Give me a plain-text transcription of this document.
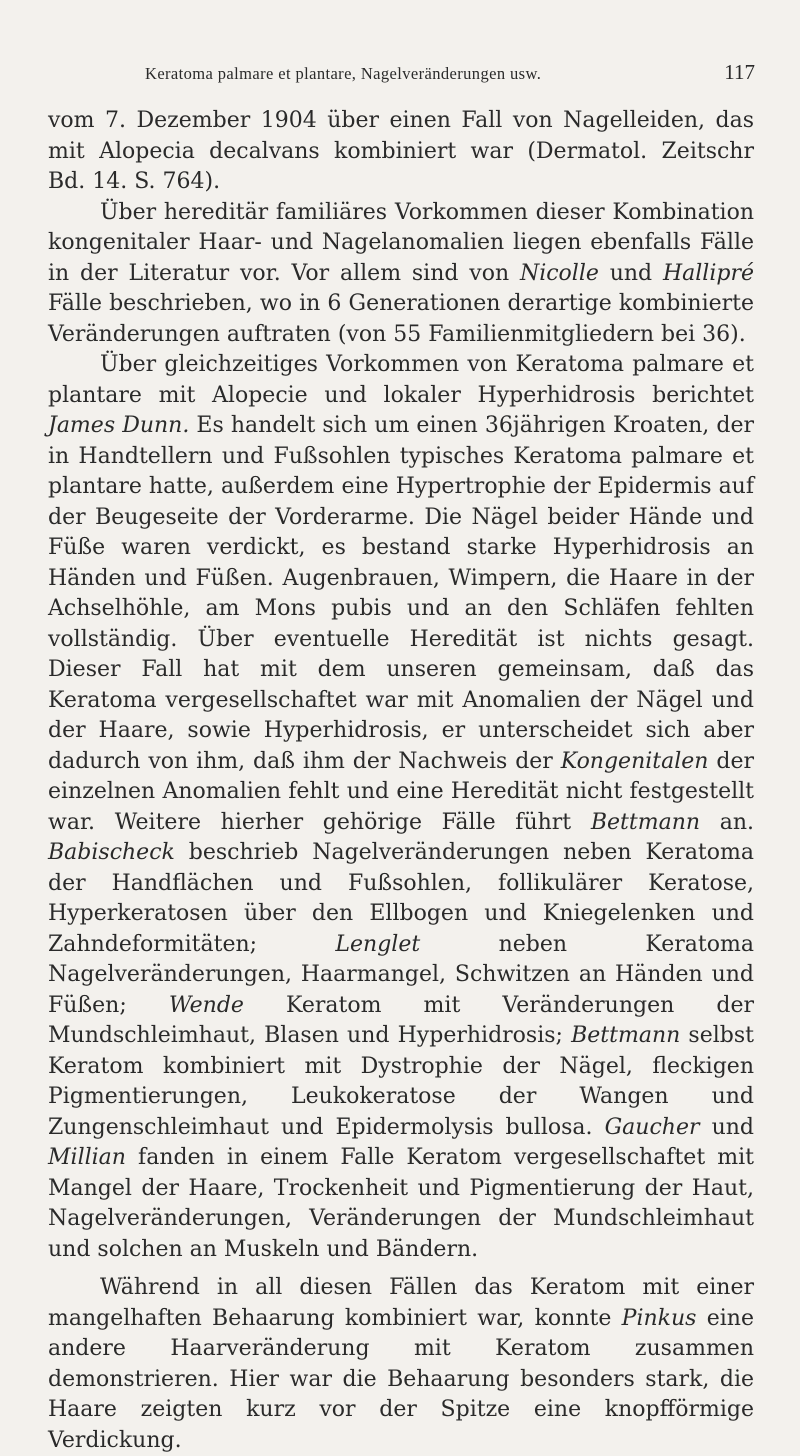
Keratoma palmare et plantare, Nagelveränderungen usw.	117

vom 7. Dezember 1904 über einen Fall von Nagelleiden, das mit Alopecia decalvans kombiniert war (Dermatol. Zeitschr Bd. 14. S. 764).

Über hereditär familiäres Vorkommen dieser Kombination kongenitaler Haar- und Nagelanomalien liegen ebenfalls Fälle in der Literatur vor. Vor allem sind von Nicolle und Hallipré Fälle beschrieben, wo in 6 Generationen derartige kombinierte Veränderungen auftraten (von 55 Familienmitgliedern bei 36).

Über gleichzeitiges Vorkommen von Keratoma palmare et plantare mit Alopecie und lokaler Hyperhidrosis berichtet James Dunn. Es handelt sich um einen 36jährigen Kroaten, der in Handtellern und Fußsohlen typisches Keratoma palmare et plantare hatte, außerdem eine Hypertrophie der Epidermis auf der Beugeseite der Vorderarme. Die Nägel beider Hände und Füße waren verdickt, es bestand starke Hyperhidrosis an Händen und Füßen. Augenbrauen, Wimpern, die Haare in der Achselhöhle, am Mons pubis und an den Schläfen fehlten vollständig. Über eventuelle Heredität ist nichts gesagt. Dieser Fall hat mit dem unseren gemeinsam, daß das Keratoma vergesellschaftet war mit Anomalien der Nägel und der Haare, sowie Hyperhidrosis, er unterscheidet sich aber dadurch von ihm, daß ihm der Nachweis der Kongenitalen der einzelnen Anomalien fehlt und eine Heredität nicht festgestellt war. Weitere hierher gehörige Fälle führt Bettmann an. Babischeck beschrieb Nagelveränderungen neben Keratoma der Handflächen und Fußsohlen, follikulärer Keratose, Hyperkeratosen über den Ellbogen und Kniegelenken und Zahndeformitäten; Lenglet neben Keratoma Nagelveränderungen, Haarmangel, Schwitzen an Händen und Füßen; Wende Keratom mit Veränderungen der Mundschleimhaut, Blasen und Hyperhidrosis; Bettmann selbst Keratom kombiniert mit Dystrophie der Nägel, fleckigen Pigmentierungen, Leukokeratose der Wangen und Zungenschleimhaut und Epidermolysis bullosa. Gaucher und Millian fanden in einem Falle Keratom vergesellschaftet mit Mangel der Haare, Trockenheit und Pigmentierung der Haut, Nagelveränderungen, Veränderungen der Mundschleimhaut und solchen an Muskeln und Bändern.

Während in all diesen Fällen das Keratom mit einer mangelhaften Behaarung kombiniert war, konnte Pinkus eine andere Haarveränderung mit Keratom zusammen demonstrieren. Hier war die Behaarung besonders stark, die Haare zeigten kurz vor der Spitze eine knopfförmige Verdickung.
